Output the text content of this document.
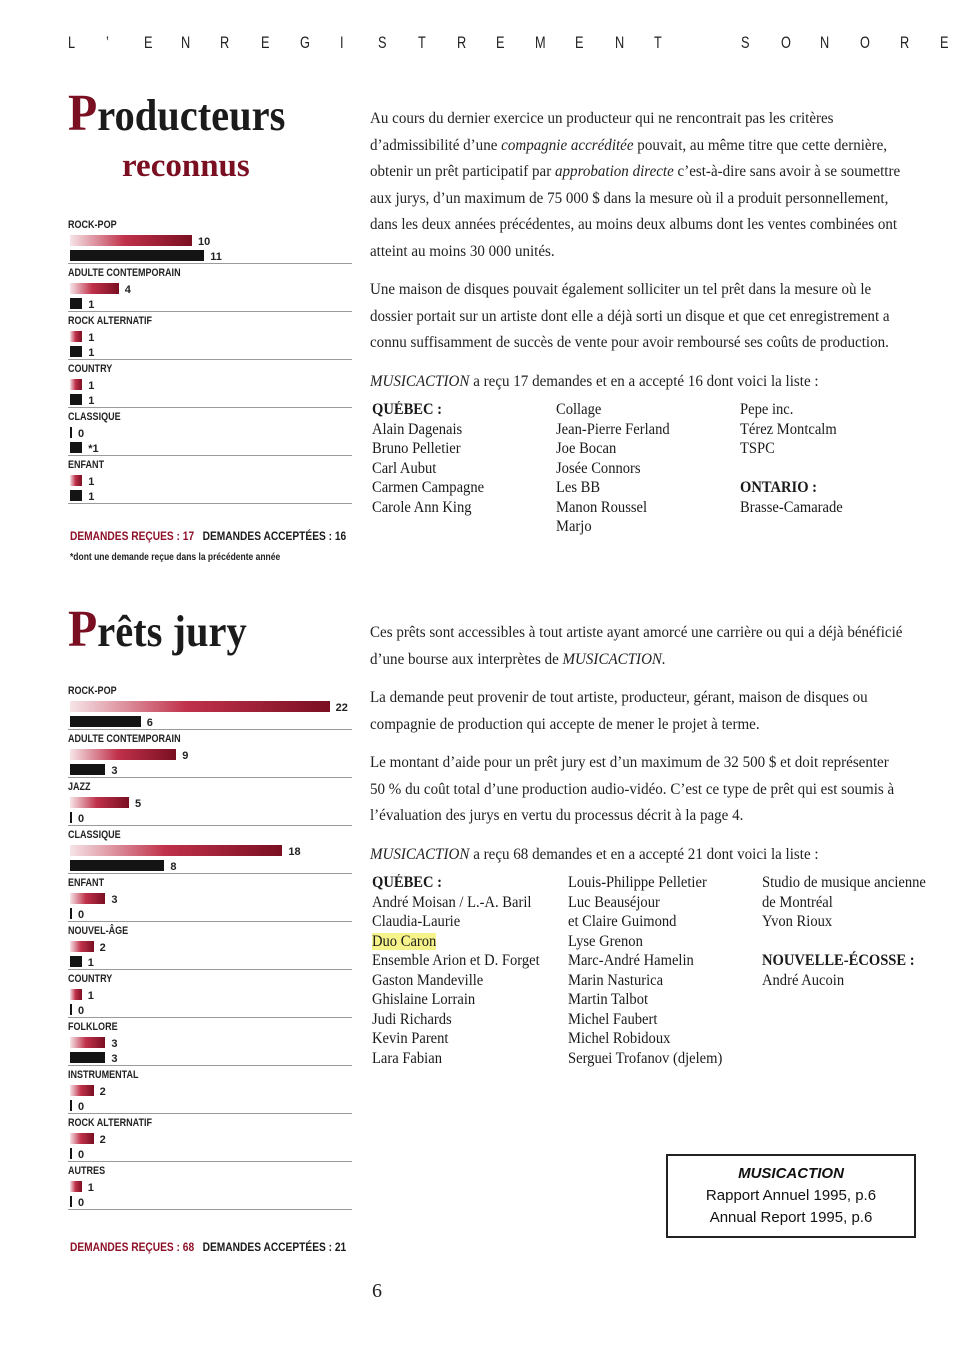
L ’ E N R E G I S T R E M E N T	S O N O R E
Producteurs
reconnus
ROCK-POP
10
11
ADULTE CONTEMPORAIN
4
1
ROCK ALTERNATIF
1
1
COUNTRY
1
1
CLASSIQUE
0
*1
ENFANT
1
1
DEMANDES REÇUES : 17 DEMANDES ACCEPTÉES : 16
*dont une demande reçue dans la précédente année

Au cours du dernier exercice un producteur qui ne rencontrait pas les critères d’admissibilité d’une compagnie accréditée pouvait, au même titre que cette dernière, obtenir un prêt participatif par approbation directe c’est-à-dire sans avoir à se soumettre aux jurys, d’un maximum de 75 000 $ dans la mesure où il a produit personnellement, dans les deux années précédentes, au moins deux albums dont les ventes combinées ont atteint au moins 30 000 unités.

Une maison de disques pouvait également solliciter un tel prêt dans la mesure où le dossier portait sur un artiste dont elle a déjà sorti un disque et que cet enregistrement a connu suffisamment de succès de vente pour avoir remboursé ses coûts de production.

MUSICACTION a reçu 17 demandes et en a accepté 16 dont voici la liste :

QUÉBEC :
Alain Dagenais
Bruno Pelletier
Carl Aubut
Carmen Campagne
Carole Ann King
Collage
Jean-Pierre Ferland
Joe Bocan
Josée Connors
Les BB
Manon Roussel
Marjo
Pepe inc.
Térez Montcalm
TSPC
ONTARIO :
Brasse-Camarade
Prêts jury
ROCK-POP
22
6
ADULTE CONTEMPORAIN
9
3
JAZZ
5
0
CLASSIQUE
18
8
ENFANT
3
0
NOUVEL-ÂGE
2
1
COUNTRY
1
0
FOLKLORE
3
3
INSTRUMENTAL
2
0
ROCK ALTERNATIF
2
0
AUTRES
1
0
DEMANDES REÇUES : 68 DEMANDES ACCEPTÉES : 21

Ces prêts sont accessibles à tout artiste ayant amorcé une carrière ou qui a déjà bénéficié d’une bourse aux interprètes de MUSICACTION.

La demande peut provenir de tout artiste, producteur, gérant, maison de disques ou compagnie de production qui accepte de mener le projet à terme.

Le montant d’aide pour un prêt jury est d’un maximum de 32 500 $ et doit représenter 50 % du coût total d’une production audio-vidéo. C’est ce type de prêt qui est soumis à l’évaluation des jurys en vertu du processus décrit à la page 4.

MUSICACTION a reçu 68 demandes et en a accepté 21 dont voici la liste :

QUÉBEC :
André Moisan / L.-A. Baril
Claudia-Laurie
Duo Caron
Ensemble Arion et D. Forget
Gaston Mandeville
Ghislaine Lorrain
Judi Richards
Kevin Parent
Lara Fabian
Louis-Philippe Pelletier
Luc Beauséjour
et Claire Guimond
Lyse Grenon
Marc-André Hamelin
Marin Nasturica
Martin Talbot
Michel Faubert
Michel Robidoux
Serguei Trofanov (djelem)
Studio de musique ancienne
de Montréal
Yvon Rioux
NOUVELLE-ÉCOSSE :
André Aucoin
6
MUSICACTION
Rapport Annuel 1995, p.6
Annual Report 1995, p.6
